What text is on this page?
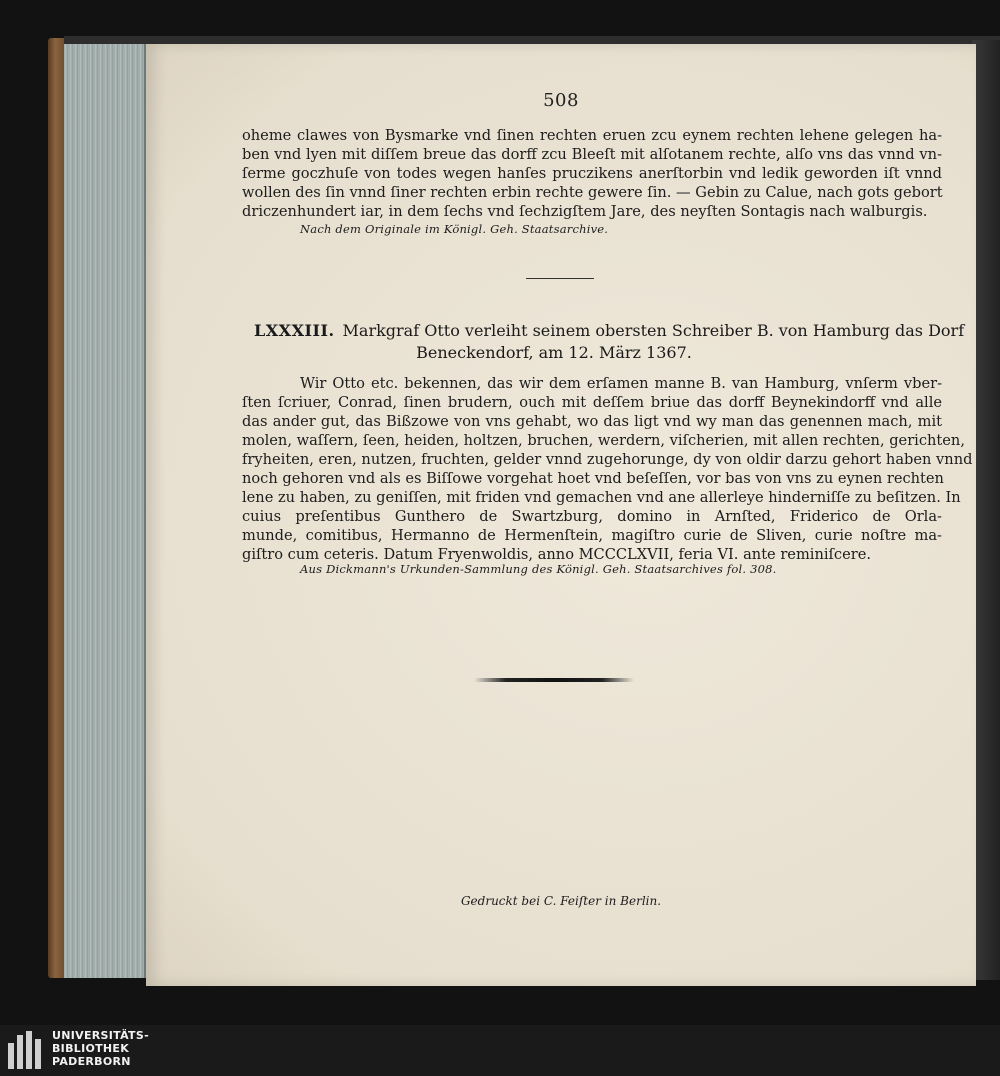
508
oheme clawes von Bysmarke vnd ſinen rechten eruen zcu eynem rechten lehene gelegen ha-
ben vnd lyen mit diſſem breue das dorff zcu Bleeſt mit alſotanem rechte, alſo vns das vnnd vn-
ſerme goczhuſe von todes wegen hanſes pruczikens anerſtorbin vnd ledik geworden iſt vnnd
wollen des ſin vnnd ſiner rechten erbin rechte gewere ſin. — Gebin zu Calue, nach gots gebort
driczenhundert iar, in dem ſechs vnd ſechzigſtem Jare, des neyſten Sontagis nach walburgis.
Nach dem Originale im Königl. Geh. Staatsarchive.
LXXXIII. Markgraf Otto verleiht seinem obersten Schreiber B. von Hamburg das Dorf
Beneckendorf, am 12. März 1367.
Wir Otto etc. bekennen, das wir dem erſamen manne B. van Hamburg, vnſerm vber-
ſten ſcriuer, Conrad, ſinen brudern, ouch mit deſſem briue das dorff Beynekindorff vnd alle
das ander gut, das Bißzowe von vns gehabt, wo das ligt vnd wy man das genennen mach, mit
molen, waſſern, ſeen, heiden, holtzen, bruchen, werdern, viſcherien, mit allen rechten, gerichten,
fryheiten, eren, nutzen, fruchten, gelder vnnd zugehorunge, dy von oldir darzu gehort haben vnnd
noch gehoren vnd als es Biſſowe vorgehat hoet vnd beſeſſen, vor bas von vns zu eynen rechten
lene zu haben, zu geniſſen, mit friden vnd gemachen vnd ane allerleye hinderniſſe zu beſitzen. In
cuius preſentibus Gunthero de Swartzburg, domino in Arnſted, Friderico de Orla-
munde, comitibus, Hermanno de Hermenſtein, magiſtro curie de Sliven, curie noſtre ma-
giſtro cum ceteris. Datum Fryenwoldis, anno MCCCLXVII, feria VI. ante reminiſcere.
Aus Dickmann's Urkunden-Sammlung des Königl. Geh. Staatsarchives fol. 308.
Gedruckt bei C. Feiſter in Berlin.
UNIVERSITÄTS-
BIBLIOTHEK
PADERBORN
